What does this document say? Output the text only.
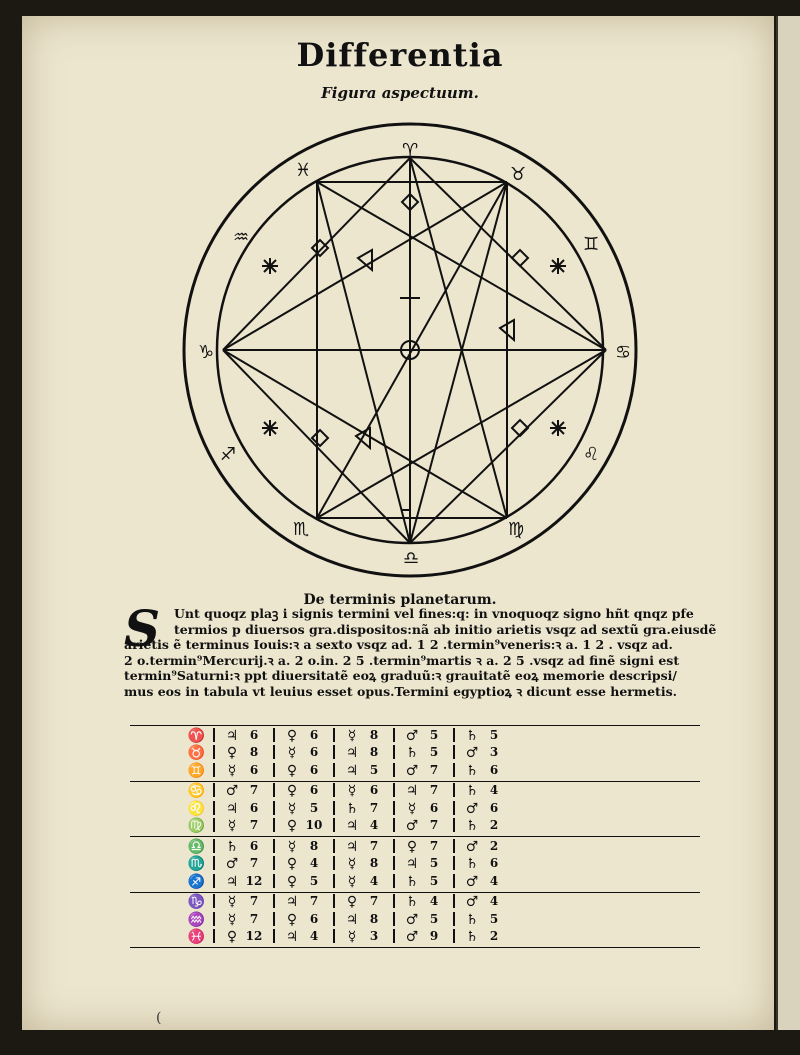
Differentia
Figura aspectuum.
♈
♉
♊
♋
♌
♍
♎
♏
♐
♑
♒
♓
De terminis planetarum.
S	Unt quoqz plaꝫ i signis termini vel fines:q: in vnoquoqz signo hñt qnqz pfe
termios p diuersos gra.dispositos:nã ab initio arietis vsqz ad sextũ gra.eiusdẽ
arietis ẽ terminus Iouis:ꝛ a sexto vsqz ad. 1 2 .termin⁹veneris:ꝛ a. 1 2 . vsqz ad.
2 o.termin⁹Mercurij.ꝛ a. 2 o.in. 2 5 .termin⁹martis ꝛ a. 2 5 .vsqz ad finẽ signi est
termin⁹Saturni:ꝛ ppt diuersitatẽ eoꝝ graduũ:ꝛ grauitatẽ eoꝝ memorie descripsi/
mus eos in tabula vt leuius esset opus.Termini egyptioꝝ ꝛ dicunt esse hermetis.
♈	♃ 6	♀	6	☿	8	♂ 5	♄ 5
♉	♀	8	☿	6	♃ 8	♄ 5	♂ 3
♊	☿	6	♀	6	♃ 5	♂ 7	♄ 6
♋	♂ 7	♀	6	☿	6	♃ 7	♄ 4
♌	♃ 6	☿	5	♄ 7	☿	6	♂ 6
♍	☿	7	♀ 10	♃ 4	♂ 7	♄ 2
♎	♄ 6	☿	8	♃ 7	♀	7	♂ 2
♏	♂ 7	♀	4	☿	8	♃ 5	♄ 6
♐	♃ 12	♀	5	☿	4	♄ 5	♂ 4
♑	☿	7	♃ 7	♀	7	♄ 4	♂ 4
♒	☿	7	♀	6	♃ 8	♂ 5	♄ 5
♓	♀ 12	♃ 4	☿	3	♂ 9	♄ 2
(
